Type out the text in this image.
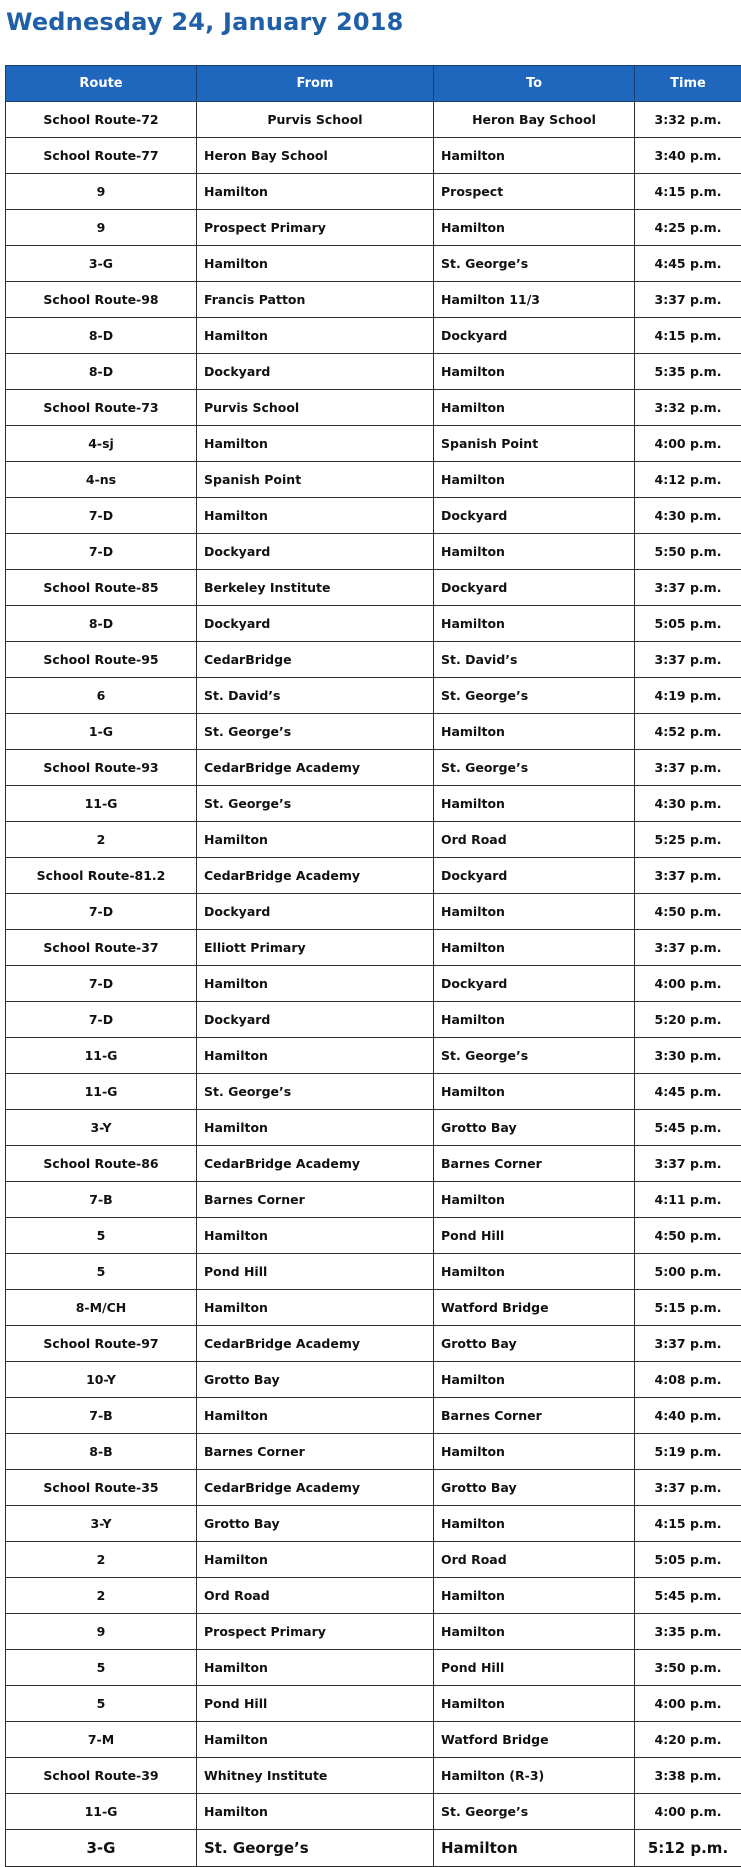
Wednesday 24, January 2018
Route	From	To	Time
School Route-72	Purvis School	Heron Bay School	3:32 p.m.
School Route-77	Heron Bay School	Hamilton	3:40 p.m.
9	Hamilton	Prospect	4:15 p.m.
9	Prospect Primary	Hamilton	4:25 p.m.
3-G	Hamilton	St. George’s	4:45 p.m.
School Route-98	Francis Patton	Hamilton 11/3	3:37 p.m.
8-D	Hamilton	Dockyard	4:15 p.m.
8-D	Dockyard	Hamilton	5:35 p.m.
School Route-73	Purvis School	Hamilton	3:32 p.m.
4-sj	Hamilton	Spanish Point	4:00 p.m.
4-ns	Spanish Point	Hamilton	4:12 p.m.
7-D	Hamilton	Dockyard	4:30 p.m.
7-D	Dockyard	Hamilton	5:50 p.m.
School Route-85	Berkeley Institute	Dockyard	3:37 p.m.
8-D	Dockyard	Hamilton	5:05 p.m.
School Route-95	CedarBridge	St. David’s	3:37 p.m.
6	St. David’s	St. George’s	4:19 p.m.
1-G	St. George’s	Hamilton	4:52 p.m.
School Route-93	CedarBridge Academy	St. George’s	3:37 p.m.
11-G	St. George’s	Hamilton	4:30 p.m.
2	Hamilton	Ord Road	5:25 p.m.
School Route-81.2	CedarBridge Academy	Dockyard	3:37 p.m.
7-D	Dockyard	Hamilton	4:50 p.m.
School Route-37	Elliott Primary	Hamilton	3:37 p.m.
7-D	Hamilton	Dockyard	4:00 p.m.
7-D	Dockyard	Hamilton	5:20 p.m.
11-G	Hamilton	St. George’s	3:30 p.m.
11-G	St. George’s	Hamilton	4:45 p.m.
3-Y	Hamilton	Grotto Bay	5:45 p.m.
School Route-86	CedarBridge Academy	Barnes Corner	3:37 p.m.
7-B	Barnes Corner	Hamilton	4:11 p.m.
5	Hamilton	Pond Hill	4:50 p.m.
5	Pond Hill	Hamilton	5:00 p.m.
8-M/CH	Hamilton	Watford Bridge	5:15 p.m.
School Route-97	CedarBridge Academy	Grotto Bay	3:37 p.m.
10-Y	Grotto Bay	Hamilton	4:08 p.m.
7-B	Hamilton	Barnes Corner	4:40 p.m.
8-B	Barnes Corner	Hamilton	5:19 p.m.
School Route-35	CedarBridge Academy	Grotto Bay	3:37 p.m.
3-Y	Grotto Bay	Hamilton	4:15 p.m.
2	Hamilton	Ord Road	5:05 p.m.
2	Ord Road	Hamilton	5:45 p.m.
9	Prospect Primary	Hamilton	3:35 p.m.
5	Hamilton	Pond Hill	3:50 p.m.
5	Pond Hill	Hamilton	4:00 p.m.
7-M	Hamilton	Watford Bridge	4:20 p.m.
School Route-39	Whitney Institute	Hamilton (R-3)	3:38 p.m.
11-G	Hamilton	St. George’s	4:00 p.m.
3-G	St. George’s	Hamilton	5:12 p.m.
